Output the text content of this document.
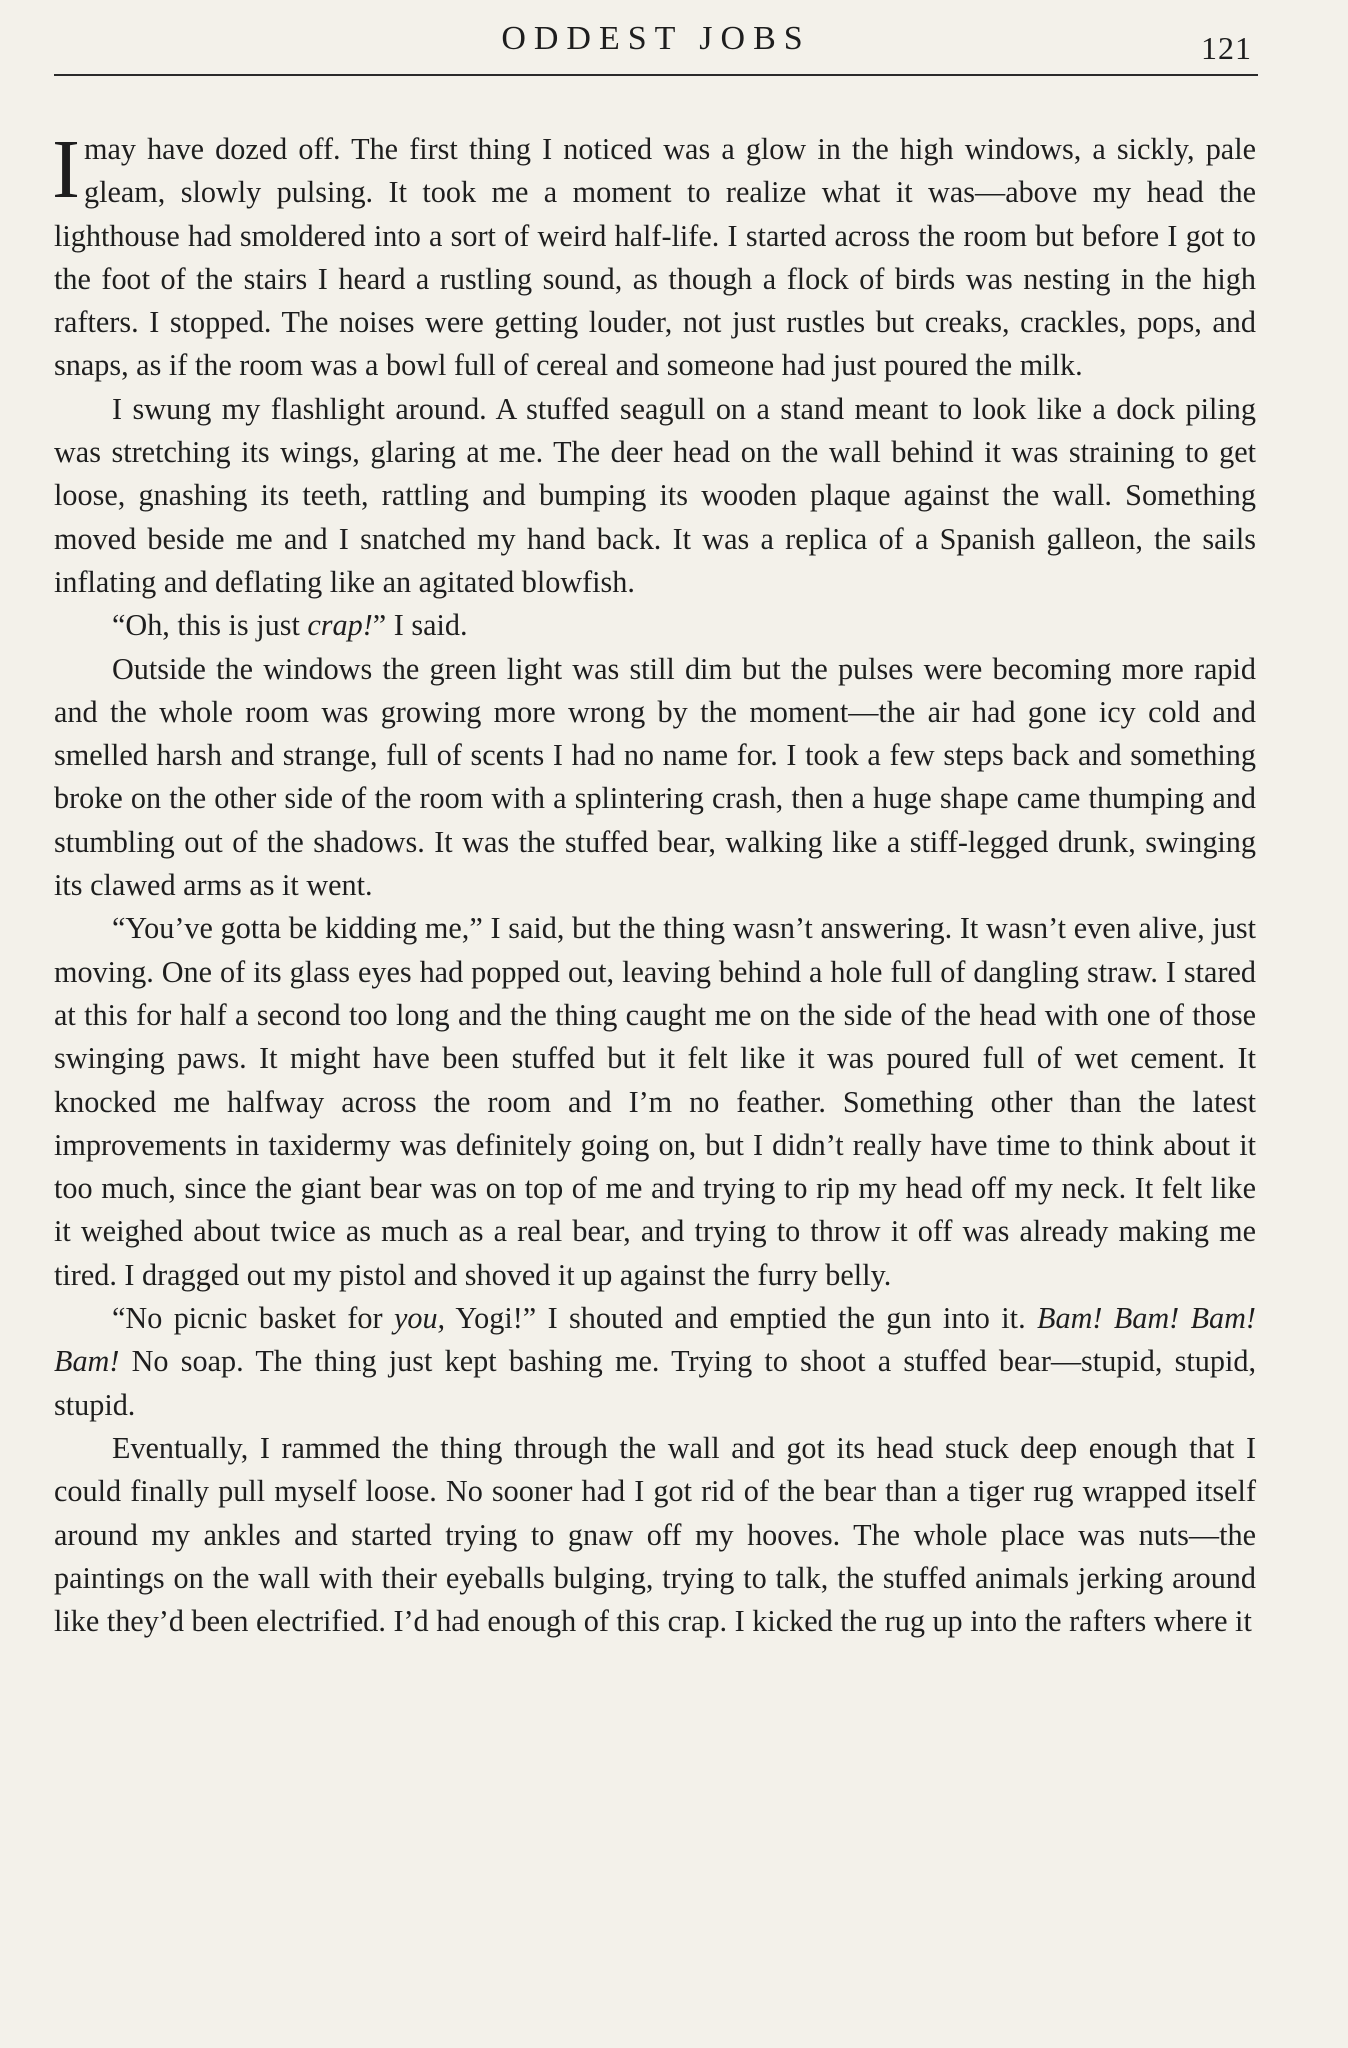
ODDEST JOBS	121

Imay have dozed off. The first thing I noticed was a glow in the high windows, a sickly, pale gleam, slowly pulsing. It took me a moment to realize what it was—above my head the lighthouse had smoldered into a sort of weird half-life. I started across the room but before I got to the foot of the stairs I heard a rustling sound, as though a flock of birds was nesting in the high rafters. I stopped. The noises were getting louder, not just rustles but creaks, crackles, pops, and snaps, as if the room was a bowl full of cereal and someone had just poured the milk.

I swung my flashlight around. A stuffed seagull on a stand meant to look like a dock piling was stretching its wings, glaring at me. The deer head on the wall behind it was straining to get loose, gnashing its teeth, rattling and bumping its wooden plaque against the wall. Something moved beside me and I snatched my hand back. It was a replica of a Spanish galleon, the sails inflating and deflating like an agitated blowfish.

“Oh, this is just crap!” I said.

Outside the windows the green light was still dim but the pulses were becoming more rapid and the whole room was growing more wrong by the moment—the air had gone icy cold and smelled harsh and strange, full of scents I had no name for. I took a few steps back and something broke on the other side of the room with a splintering crash, then a huge shape came thumping and stumbling out of the shadows. It was the stuffed bear, walking like a stiff-legged drunk, swinging its clawed arms as it went.

“You’ve gotta be kidding me,” I said, but the thing wasn’t answering. It wasn’t even alive, just moving. One of its glass eyes had popped out, leaving behind a hole full of dangling straw. I stared at this for half a second too long and the thing caught me on the side of the head with one of those swinging paws. It might have been stuffed but it felt like it was poured full of wet cement. It knocked me halfway across the room and I’m no feather. Something other than the latest improvements in taxidermy was definitely going on, but I didn’t really have time to think about it too much, since the giant bear was on top of me and trying to rip my head off my neck. It felt like it weighed about twice as much as a real bear, and trying to throw it off was already making me tired. I dragged out my pistol and shoved it up against the furry belly.

“No picnic basket for you, Yogi!” I shouted and emptied the gun into it. Bam! Bam! Bam! Bam! No soap. The thing just kept bashing me. Trying to shoot a stuffed bear—stupid, stupid, stupid.

Eventually, I rammed the thing through the wall and got its head stuck deep enough that I could finally pull myself loose. No sooner had I got rid of the bear than a tiger rug wrapped itself around my ankles and started trying to gnaw off my hooves. The whole place was nuts—the paintings on the wall with their eyeballs bulging, trying to talk, the stuffed animals jerking around like they’d been electrified. I’d had enough of this crap. I kicked the rug up into the rafters where it
